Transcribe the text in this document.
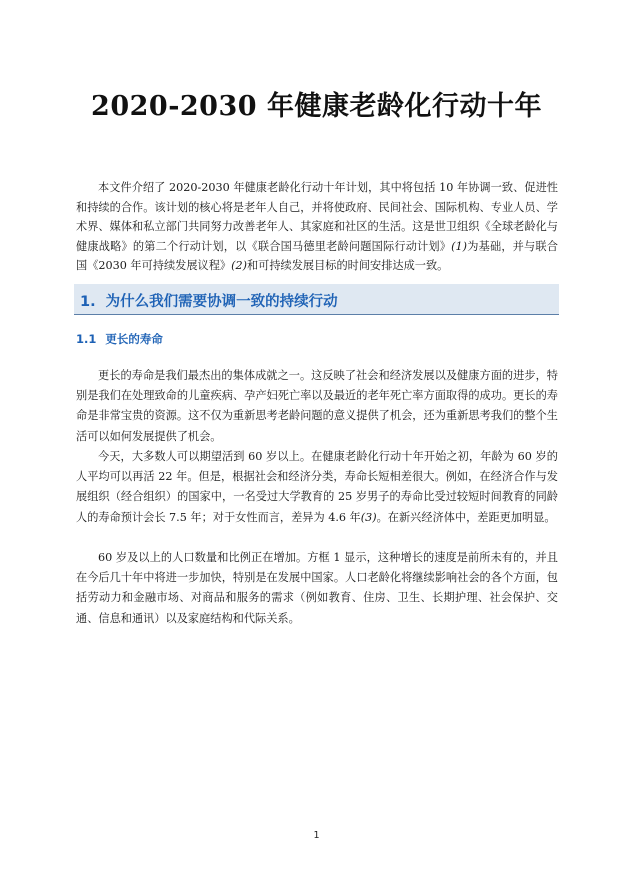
2020-2030 年健康老龄化行动十年

本文件介绍了 2020-2030 年健康老龄化行动十年计划，其中将包括 10 年协调一致、促进性和持续的合作。该计划的核心将是老年人自己，并将使政府、民间社会、国际机构、专业人员、学术界、媒体和私立部门共同努力改善老年人、其家庭和社区的生活。这是世卫组织《全球老龄化与健康战略》的第二个行动计划，以《联合国马德里老龄问题国际行动计划》(1)为基础，并与联合国《2030 年可持续发展议程》(2)和可持续发展目标的时间安排达成一致。

1. 为什么我们需要协调一致的持续行动
1.1 更长的寿命

更长的寿命是我们最杰出的集体成就之一。这反映了社会和经济发展以及健康方面的进步，特别是我们在处理致命的儿童疾病、孕产妇死亡率以及最近的老年死亡率方面取得的成功。更长的寿命是非常宝贵的资源。这不仅为重新思考老龄问题的意义提供了机会，还为重新思考我们的整个生活可以如何发展提供了机会。

今天，大多数人可以期望活到 60 岁以上。在健康老龄化行动十年开始之初，年龄为 60 岁的人平均可以再活 22 年。但是，根据社会和经济分类，寿命长短相差很大。例如，在经济合作与发展组织（经合组织）的国家中，一名受过大学教育的 25 岁男子的寿命比受过较短时间教育的同龄人的寿命预计会长 7.5 年；对于女性而言，差异为 4.6 年(3)。在新兴经济体中，差距更加明显。

60 岁及以上的人口数量和比例正在增加。方框 1 显示，这种增长的速度是前所未有的，并且在今后几十年中将进一步加快，特别是在发展中国家。人口老龄化将继续影响社会的各个方面，包括劳动力和金融市场、对商品和服务的需求（例如教育、住房、卫生、长期护理、社会保护、交通、信息和通讯）以及家庭结构和代际关系。

1
